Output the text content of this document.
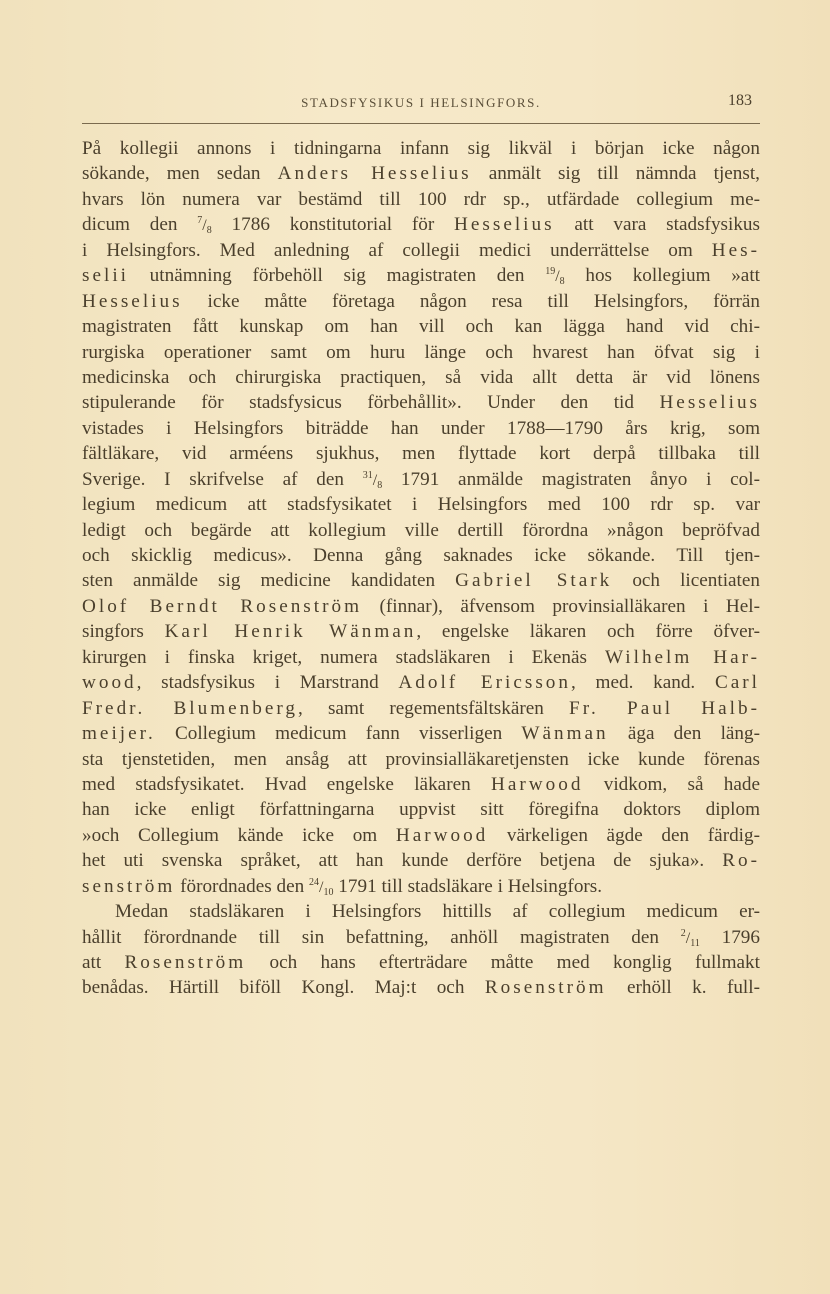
STADSFYSIKUS I HELSINGFORS.	183
På kollegii annons i tidningarna infann sig likväl i början icke någon
sökande, men sedan Anders Hesselius anmält sig till nämnda tjenst,
hvars lön numera var bestämd till 100 rdr sp., utfärdade collegium me-
dicum den $^7/_8$ 1786 konstitutorial för Hesselius att vara stadsfysikus
i Helsingfors. Med anledning af collegii medici underrättelse om Hes-
selii utnämning förbehöll sig magistraten den $^{19}/_8$ hos kollegium »att
Hesselius icke måtte företaga någon resa till Helsingfors, förrän
magistraten fått kunskap om han vill och kan lägga hand vid chi-
rurgiska operationer samt om huru länge och hvarest han öfvat sig i
medicinska och chirurgiska practiquen, så vida allt detta är vid lönens
stipulerande för stadsfysicus förbehållit». Under den tid Hesselius
vistades i Helsingfors biträdde han under 1788—1790 års krig, som
fältläkare, vid arméens sjukhus, men flyttade kort derpå tillbaka till
Sverige. I skrifvelse af den $^{31}/_8$ 1791 anmälde magistraten ånyo i col-
legium medicum att stadsfysikatet i Helsingfors med 100 rdr sp. var
ledigt och begärde att kollegium ville dertill förordna »någon bepröfvad
och skicklig medicus». Denna gång saknades icke sökande. Till tjen-
sten anmälde sig medicine kandidaten Gabriel Stark och licentiaten
Olof Berndt Rosenström (finnar), äfvensom provinsialläkaren i Hel-
singfors Karl Henrik Wänman, engelske läkaren och förre öfver-
kirurgen i finska kriget, numera stadsläkaren i Ekenäs Wilhelm Har-
wood, stadsfysikus i Marstrand Adolf Ericsson, med. kand. Carl
Fredr. Blumenberg, samt regementsfältskären Fr. Paul Halb-
meijer. Collegium medicum fann visserligen Wänman äga den läng-
sta tjenstetiden, men ansåg att provinsialläkaretjensten icke kunde förenas
med stadsfysikatet. Hvad engelske läkaren Harwood vidkom, så hade
han icke enligt författningarna uppvist sitt föregifna doktors diplom
»och Collegium kände icke om Harwood värkeligen ägde den färdig-
het uti svenska språket, att han kunde derföre betjena de sjuka». Ro-
senström förordnades den $^{24}/_{10}$ 1791 till stadsläkare i Helsingfors.
Medan stadsläkaren i Helsingfors hittills af collegium medicum er-
hållit förordnande till sin befattning, anhöll magistraten den $^2/_{11}$ 1796
att Rosenström och hans efterträdare måtte med konglig fullmakt
benådas. Härtill biföll Kongl. Maj:t och Rosenström erhöll k. full-
